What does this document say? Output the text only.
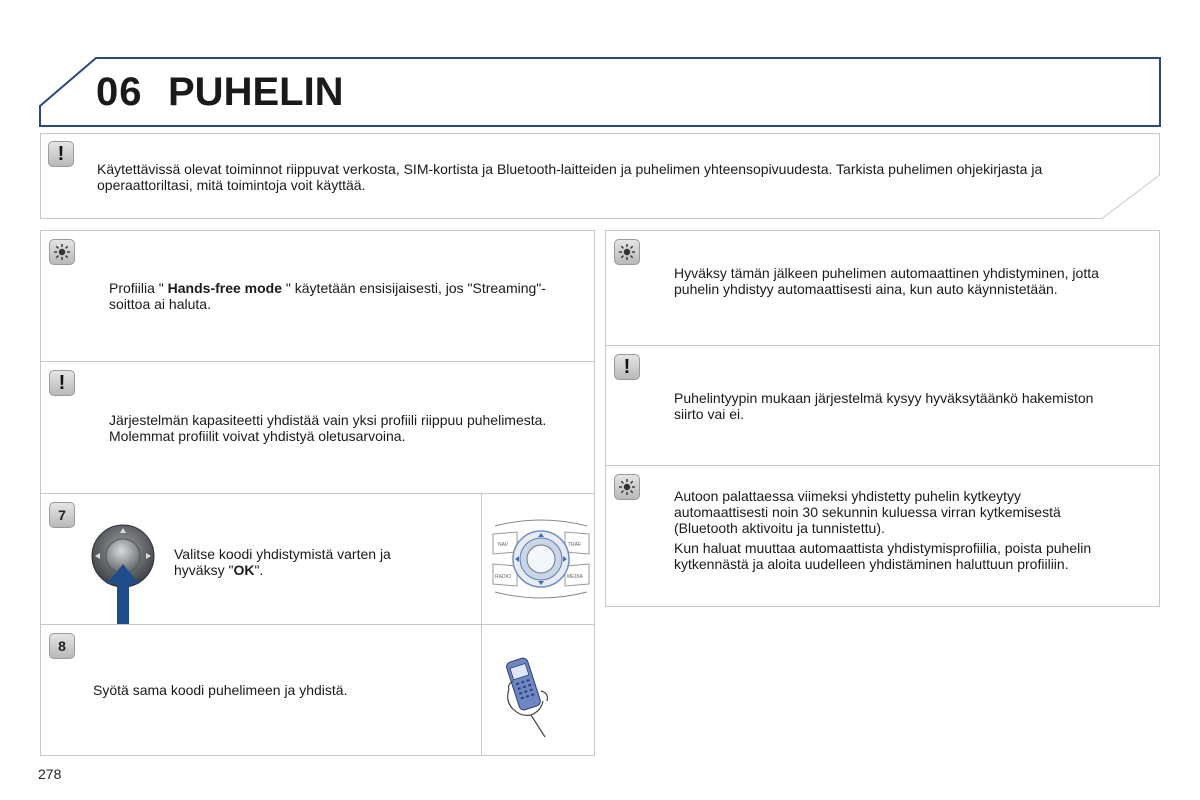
06 PUHELIN
!
Käytettävissä olevat toiminnot riippuvat verkosta, SIM-kortista ja Bluetooth-laitteiden ja puhelimen yhteensopivuudesta. Tarkista puhelimen ohjekirjasta ja operaattoriltasi, mitä toimintoja voit käyttää.
Profiilia " Hands-free mode " käytetään ensisijaisesti, jos "Streaming"-soittoa ai haluta.
!
Järjestelmän kapasiteetti yhdistää vain yksi profiili riippuu puhelimesta. Molemmat profiilit voivat yhdistyä oletusarvoina.
7
Valitse koodi yhdistymistä varten ja hyväksy "OK".
NAV	TRAF
RADIO	MEDIA
8
Syötä sama koodi puhelimeen ja yhdistä.
Hyväksy tämän jälkeen puhelimen automaattinen yhdistyminen, jotta puhelin yhdistyy automaattisesti aina, kun auto käynnistetään.
!
Puhelintyypin mukaan järjestelmä kysyy hyväksytäänkö hakemiston siirto vai ei.

Autoon palattaessa viimeksi yhdistetty puhelin kytkeytyy automaattisesti noin 30 sekunnin kuluessa virran kytkemisestä (Bluetooth aktivoitu ja tunnistettu).

Kun haluat muuttaa automaattista yhdistymisprofiilia, poista puhelin kytkennästä ja aloita uudelleen yhdistäminen haluttuun profiiliin.

278
